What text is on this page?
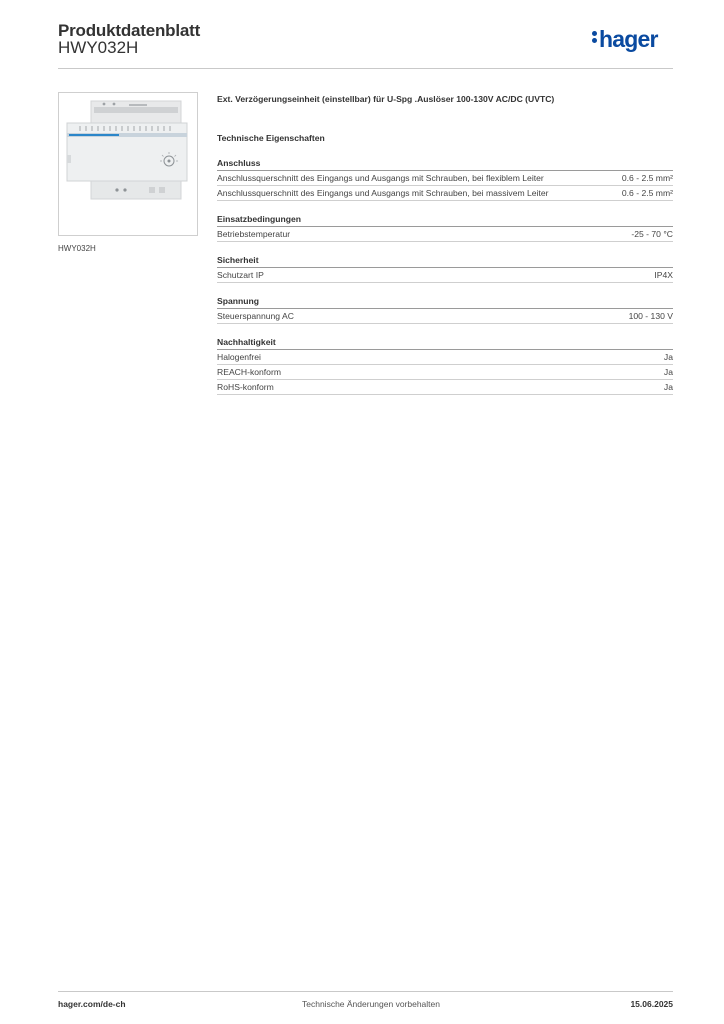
Produktdatenblatt
HWY032H	hager
HWY032H

Ext. Verzögerungseinheit (einstellbar) für U-Spg .Auslöser 100-130V AC/DC (UVTC)

Technische Eigenschaften
Anschluss
Anschlussquerschnitt des Eingangs und Ausgangs mit Schrauben, bei flexiblem Leiter	0.6 - 2.5 mm²
Anschlussquerschnitt des Eingangs und Ausgangs mit Schrauben, bei massivem Leiter	0.6 - 2.5 mm²
Einsatzbedingungen
Betriebstemperatur	-25 - 70 °C
Sicherheit
Schutzart IP	IP4X
Spannung
Steuerspannung AC	100 - 130 V
Nachhaltigkeit
Halogenfrei	Ja
REACH-konform	Ja
RoHS-konform	Ja
hager.com/de-ch	Technische Änderungen vorbehalten	15.06.2025
